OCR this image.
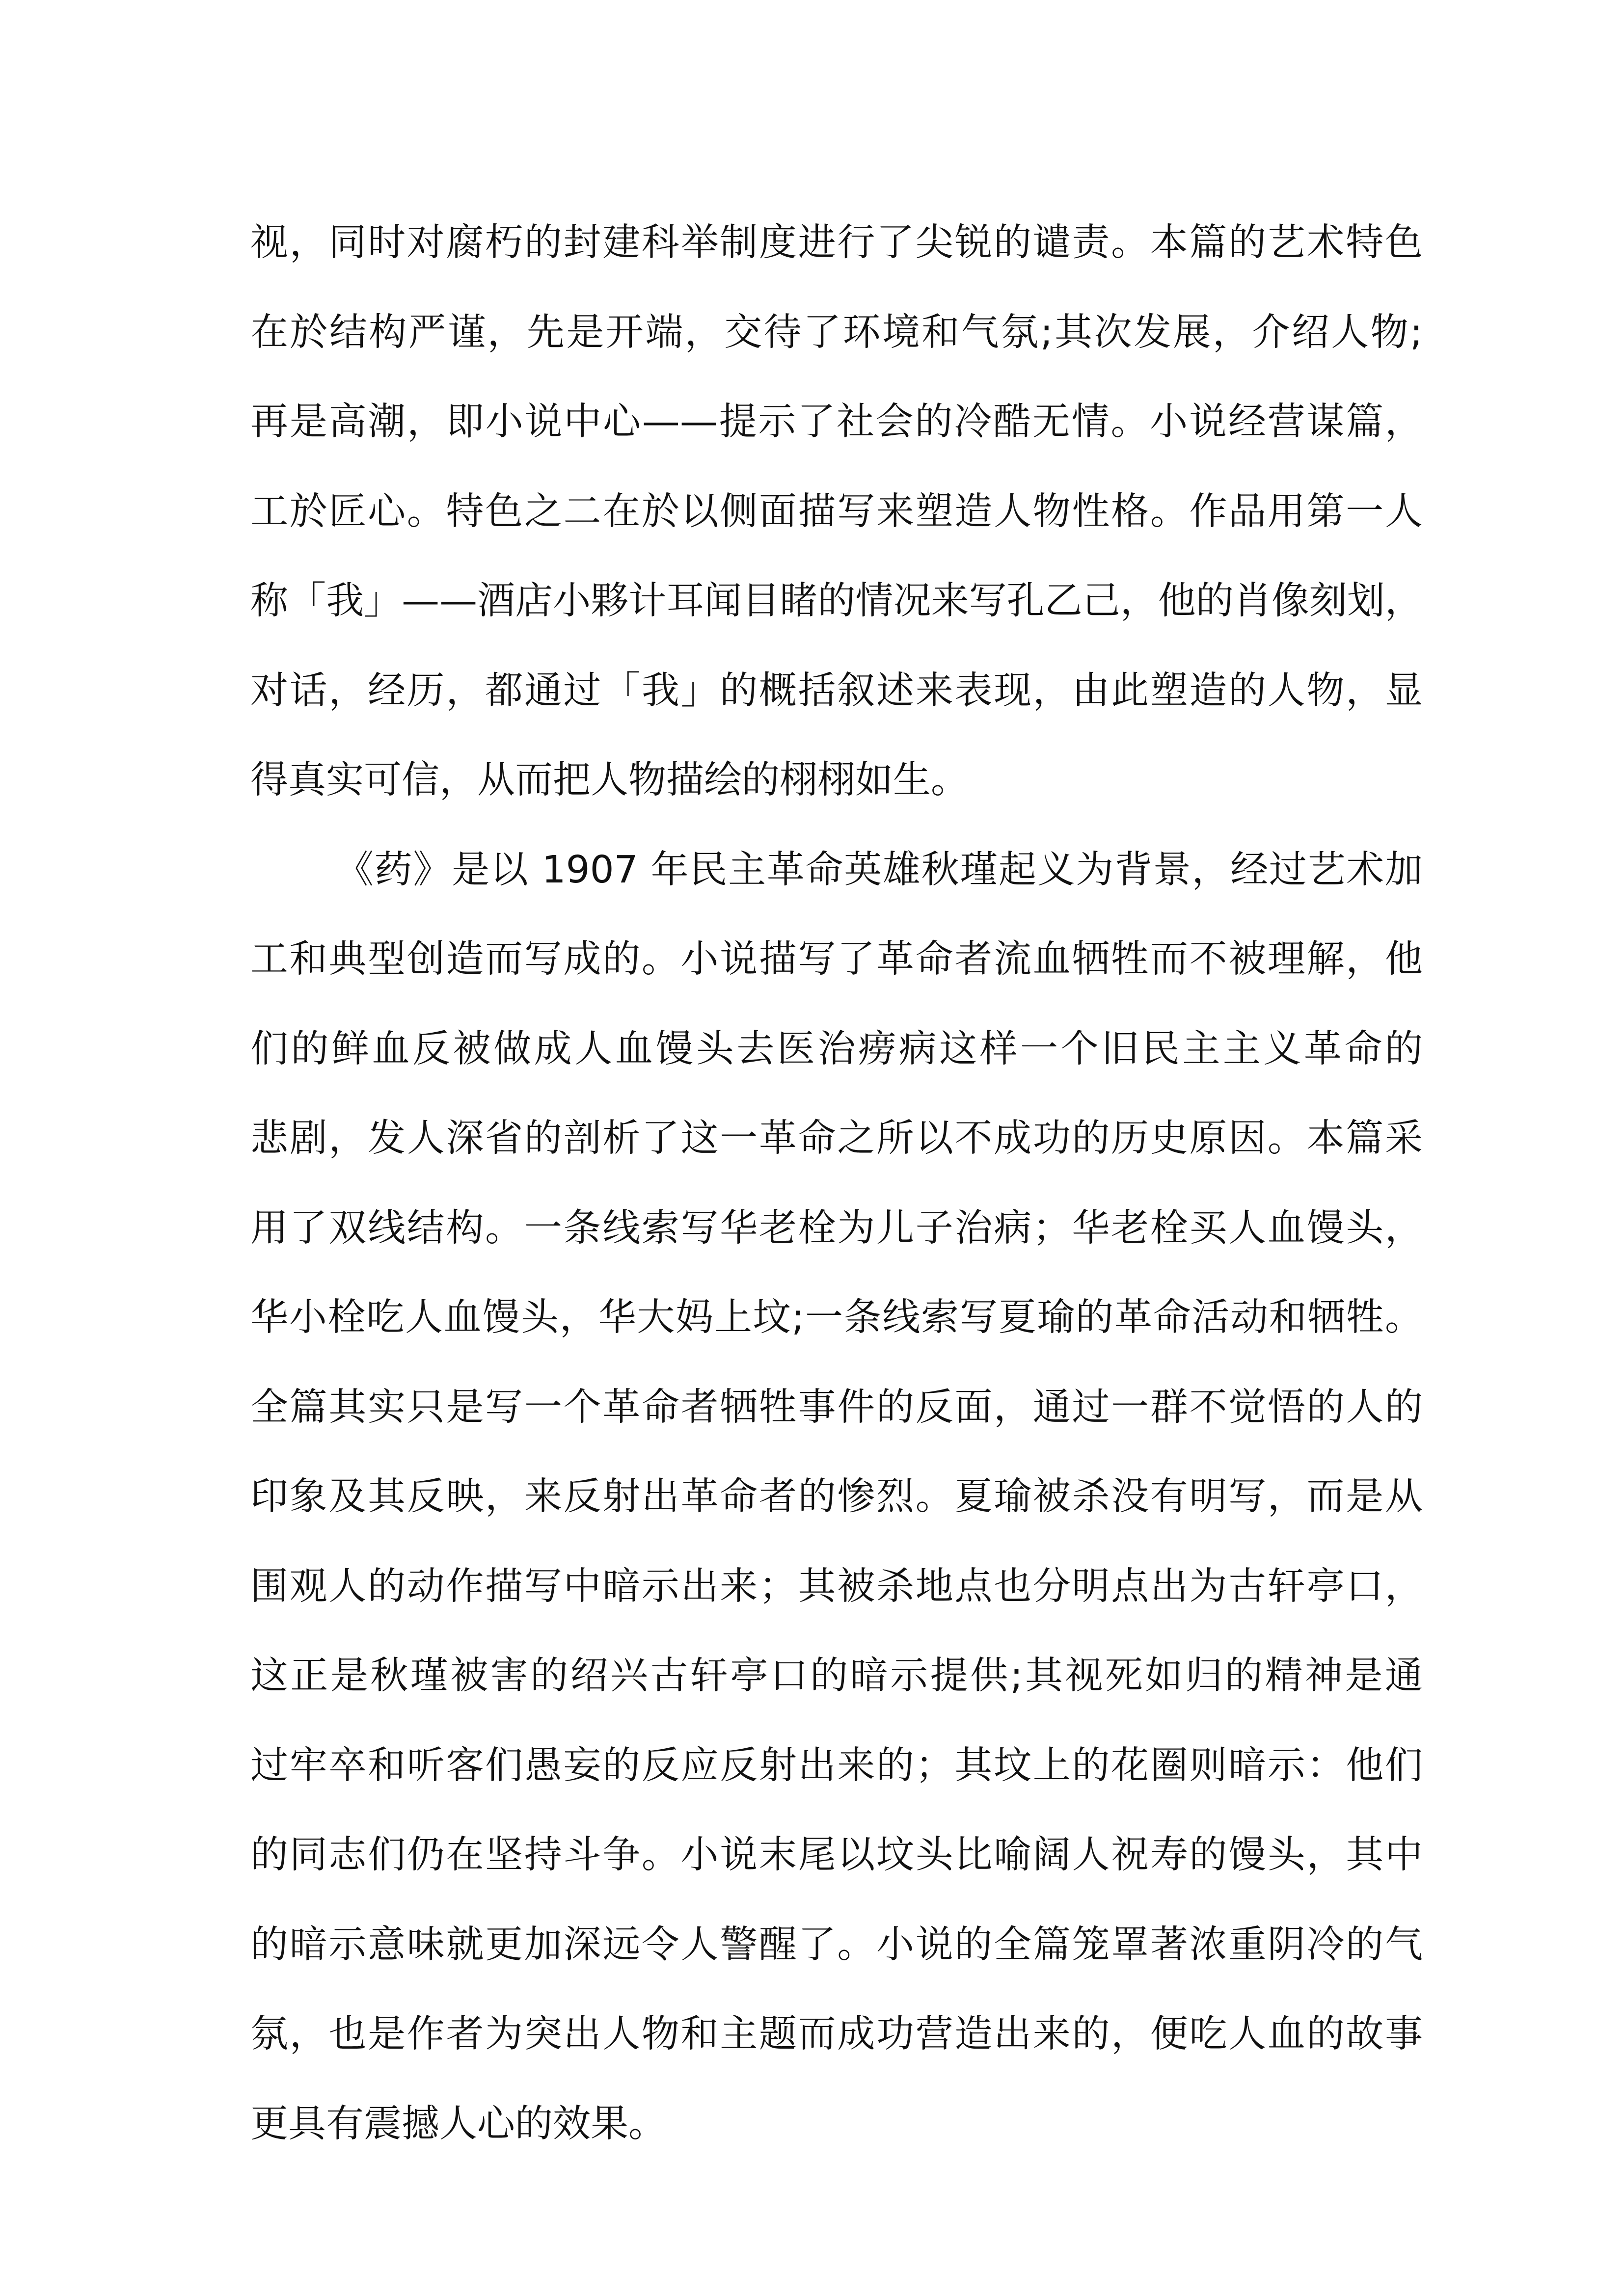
视，同时对腐朽的封建科举制度进行了尖锐的谴责。本篇的艺术特色
在於结构严谨，先是开端，交待了环境和气氛;其次发展，介绍人物;
再是高潮，即小说中心——提示了社会的冷酷无情。小说经营谋篇，
工於匠心。特色之二在於以侧面描写来塑造人物性格。作品用第一人
称「我」——酒店小夥计耳闻目睹的情况来写孔乙己，他的肖像刻划，
对话，经历，都通过「我」的概括叙述来表现，由此塑造的人物，显
得真实可信，从而把人物描绘的栩栩如生。
《药》是以 1907 年民主革命英雄秋瑾起义为背景，经过艺术加
工和典型创造而写成的。小说描写了革命者流血牺牲而不被理解，他
们的鲜血反被做成人血馒头去医治痨病这样一个旧民主主义革命的
悲剧，发人深省的剖析了这一革命之所以不成功的历史原因。本篇采
用了双线结构。一条线索写华老栓为儿子治病；华老栓买人血馒头，
华小栓吃人血馒头，华大妈上坟;一条线索写夏瑜的革命活动和牺牲。
全篇其实只是写一个革命者牺牲事件的反面，通过一群不觉悟的人的
印象及其反映，来反射出革命者的惨烈。夏瑜被杀没有明写，而是从
围观人的动作描写中暗示出来；其被杀地点也分明点出为古轩亭口，
这正是秋瑾被害的绍兴古轩亭口的暗示提供;其视死如归的精神是通
过牢卒和听客们愚妄的反应反射出来的；其坟上的花圈则暗示：他们
的同志们仍在坚持斗争。小说末尾以坟头比喻阔人祝寿的馒头，其中
的暗示意味就更加深远令人警醒了。小说的全篇笼罩著浓重阴冷的气
氛，也是作者为突出人物和主题而成功营造出来的，便吃人血的故事
更具有震撼人心的效果。
